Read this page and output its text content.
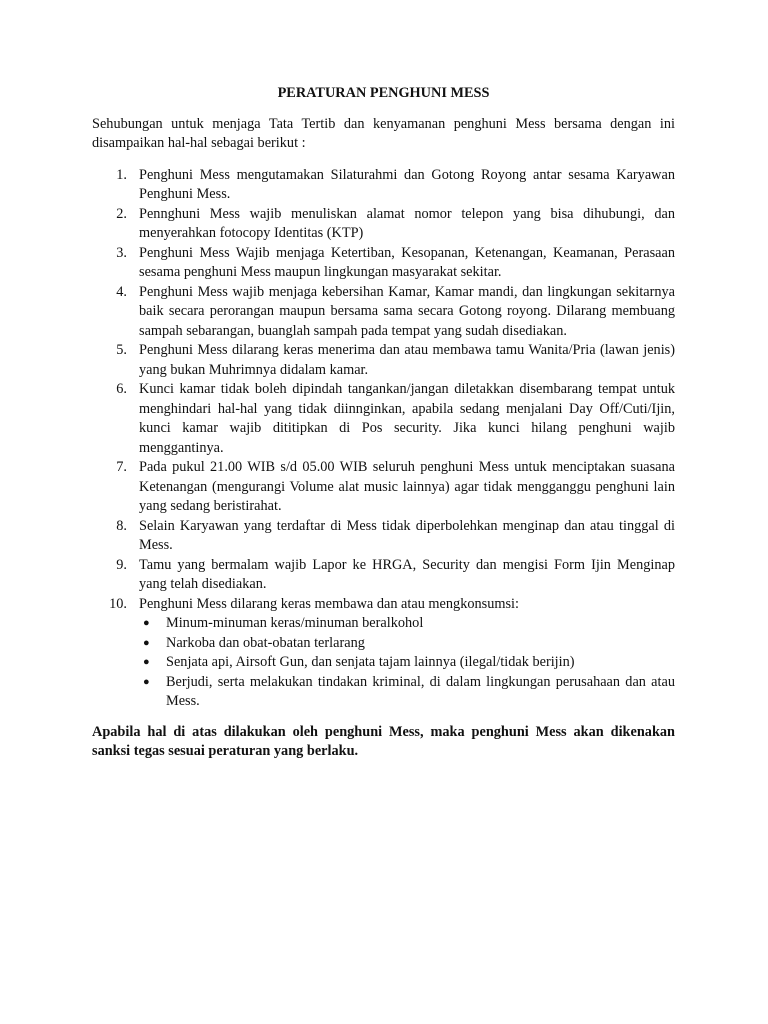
PERATURAN PENGHUNI MESS

Sehubungan untuk menjaga Tata Tertib dan kenyamanan penghuni Mess bersama dengan ini disampaikan hal-hal sebagai berikut :

1. Penghuni Mess mengutamakan Silaturahmi dan Gotong Royong antar sesama Karyawan Penghuni Mess.
2. Pennghuni Mess wajib menuliskan alamat nomor telepon yang bisa dihubungi, dan menyerahkan fotocopy Identitas (KTP)
3. Penghuni Mess Wajib menjaga Ketertiban, Kesopanan, Ketenangan, Keamanan, Perasaan sesama penghuni Mess maupun lingkungan masyarakat sekitar.
4. Penghuni Mess wajib menjaga kebersihan Kamar, Kamar mandi, dan lingkungan sekitarnya baik secara perorangan maupun bersama sama secara Gotong royong. Dilarang membuang sampah sebarangan, buanglah sampah pada tempat yang sudah disediakan.
5. Penghuni Mess dilarang keras menerima dan atau membawa tamu Wanita/Pria (lawan jenis) yang bukan Muhrimnya didalam kamar.
6. Kunci kamar tidak boleh dipindah tangankan/jangan diletakkan disembarang tempat untuk menghindari hal-hal yang tidak diinnginkan, apabila sedang menjalani Day Off/Cuti/Ijin, kunci kamar wajib dititipkan di Pos security. Jika kunci hilang penghuni wajib menggantinya.
7. Pada pukul 21.00 WIB s/d 05.00 WIB seluruh penghuni Mess untuk menciptakan suasana Ketenangan (mengurangi Volume alat music lainnya) agar tidak mengganggu penghuni lain yang sedang beristirahat.
8. Selain Karyawan yang terdaftar di Mess tidak diperbolehkan menginap dan atau tinggal di Mess.
9. Tamu yang bermalam wajib Lapor ke HRGA, Security dan mengisi Form Ijin Menginap yang telah disediakan.
10. Penghuni Mess dilarang keras membawa dan atau mengkonsumsi:
● Minum-minuman keras/minuman beralkohol
● Narkoba dan obat-obatan terlarang
● Senjata api, Airsoft Gun, dan senjata tajam lainnya (ilegal/tidak berijin)
● Berjudi, serta melakukan tindakan kriminal, di dalam lingkungan perusahaan dan atau Mess.

Apabila hal di atas dilakukan oleh penghuni Mess, maka penghuni Mess akan dikenakan sanksi tegas sesuai peraturan yang berlaku.
